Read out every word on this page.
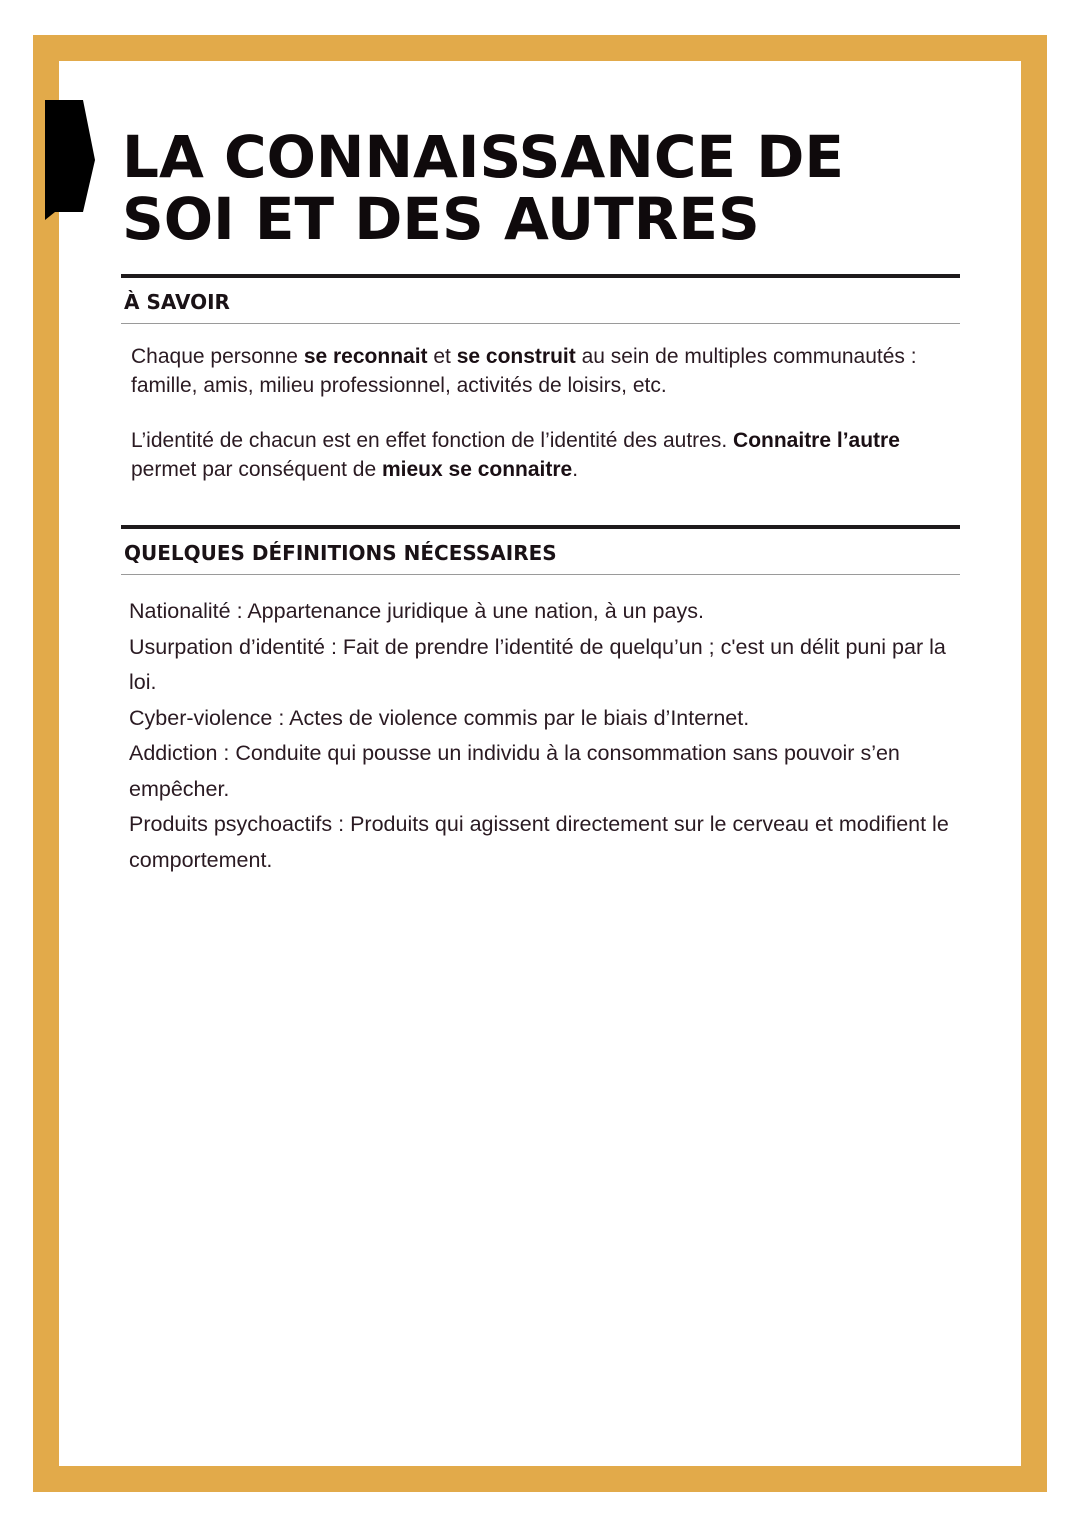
LA CONNAISSANCE DE
SOI ET DES AUTRES
À SAVOIR

Chaque personne se reconnait et se construit au sein de multiples communautés : famille, amis, milieu professionnel, activités de loisirs, etc.

L’identité de chacun est en effet fonction de l’identité des autres. Connaitre l’autre permet par conséquent de mieux se connaitre.

QUELQUES DÉFINITIONS NÉCESSAIRES

Nationalité : Appartenance juridique à une nation, à un pays.

Usurpation d’identité : Fait de prendre l’identité de quelqu’un ; c'est un délit puni par la loi.

Cyber-violence : Actes de violence commis par le biais d’Internet.

Addiction : Conduite qui pousse un individu à la consommation sans pouvoir s’en empêcher.

Produits psychoactifs : Produits qui agissent directement sur le cerveau et modifient le comportement.
